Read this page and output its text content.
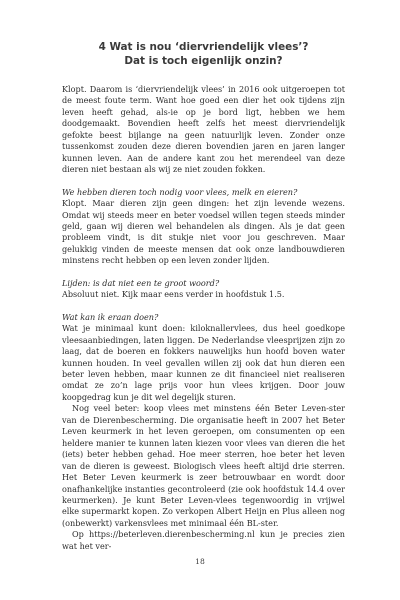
4 Wat is nou ‘diervriendelijk vlees’?
Dat is toch eigenlijk onzin?

Klopt. Daarom is ‘diervriendelijk vlees’ in 2016 ook uitgeroepen tot de meest foute term. Want hoe goed een dier het ook tijdens zijn leven heeft gehad, als-ie op je bord ligt, hebben we hem doodgemaakt. Bovendien heeft zelfs het meest diervriendelijk gefokte beest bijlange na geen natuurlijk leven. Zonder onze tussenkomst zouden deze dieren bovendien jaren en jaren langer kunnen leven. Aan de andere kant zou het merendeel van deze dieren niet bestaan als wij ze niet zouden fokken.

We hebben dieren toch nodig voor vlees, melk en eieren?

Klopt. Maar dieren zijn geen dingen: het zijn levende wezens. Omdat wij steeds meer en beter voedsel willen tegen steeds minder geld, gaan wij dieren wel behandelen als dingen. Als je dat geen probleem vindt, is dit stukje niet voor jou geschreven. Maar gelukkig vinden de meeste mensen dat ook onze landbouwdieren minstens recht hebben op een leven zonder lijden.

Lijden: is dat niet een te groot woord?

Absoluut niet. Kijk maar eens verder in hoofdstuk 1.5.

Wat kan ik eraan doen?

Wat je minimaal kunt doen: kiloknallervlees, dus heel goedkope vleesaanbiedingen, laten liggen. De Nederlandse vleesprijzen zijn zo laag, dat de boeren en fokkers nauwelijks hun hoofd boven water kunnen houden. In veel gevallen willen zij ook dat hun dieren een beter leven hebben, maar kunnen ze dit financieel niet realiseren omdat ze zo’n lage prijs voor hun vlees krijgen. Door jouw koopgedrag kun je dit wel degelijk sturen.

Nog veel beter: koop vlees met minstens één Beter Leven-ster van de Dierenbescherming. Die organisatie heeft in 2007 het Beter Leven keurmerk in het leven geroepen, om consumenten op een heldere manier te kunnen laten kiezen voor vlees van dieren die het (iets) beter hebben gehad. Hoe meer sterren, hoe beter het leven van de dieren is geweest. Biologisch vlees heeft altijd drie sterren. Het Beter Leven keurmerk is zeer betrouwbaar en wordt door onafhankelijke instanties gecontroleerd (zie ook hoofdstuk 14.4 over keurmerken). Je kunt Beter Leven-vlees tegenwoordig in vrijwel elke supermarkt kopen. Zo verkopen Albert Heijn en Plus alleen nog (onbewerkt) varkensvlees met minimaal één BL-ster.

Op https://beterleven.dierenbescherming.nl kun je precies zien wat het ver-

18
